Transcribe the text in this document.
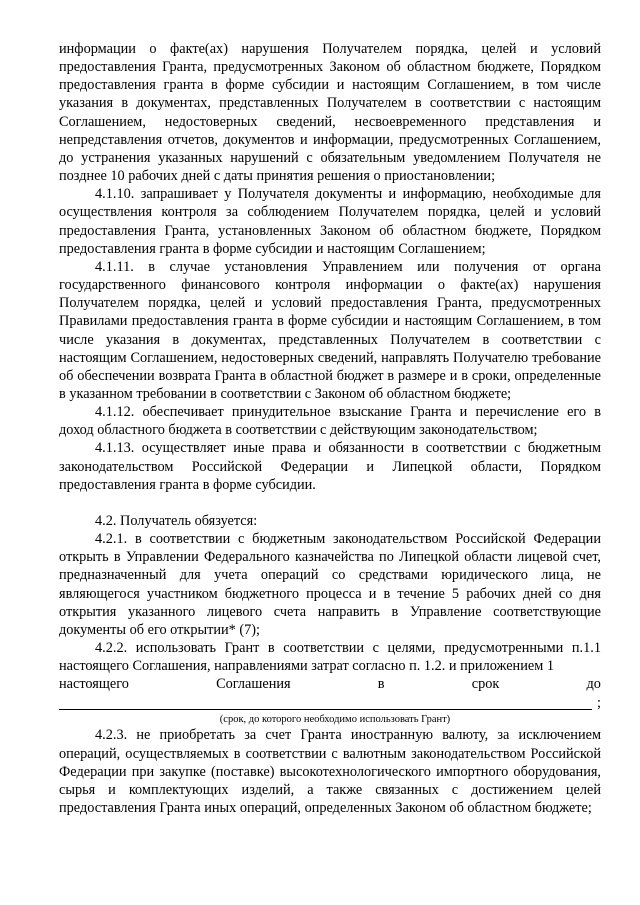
информации о факте(ах) нарушения Получателем порядка, целей и условий предоставления Гранта, предусмотренных Законом об областном бюджете, Порядком предоставления гранта в форме субсидии и настоящим Соглашением, в том числе указания в документах, представленных Получателем в соответствии с настоящим Соглашением, недостоверных сведений, несвоевременного представления и непредставления отчетов, документов и информации, предусмотренных Соглашением, до устранения указанных нарушений с обязательным уведомлением Получателя не позднее 10 рабочих дней с даты принятия решения о приостановлении;

4.1.10. запрашивает у Получателя документы и информацию, необходимые для осуществления контроля за соблюдением Получателем порядка, целей и условий предоставления Гранта, установленных Законом об областном бюджете, Порядком предоставления гранта в форме субсидии и настоящим Соглашением;

4.1.11. в случае установления Управлением или получения от органа государственного финансового контроля информации о факте(ах) нарушения Получателем порядка, целей и условий предоставления Гранта, предусмотренных Правилами предоставления гранта в форме субсидии и настоящим Соглашением, в том числе указания в документах, представленных Получателем в соответствии с настоящим Соглашением, недостоверных сведений, направлять Получателю требование об обеспечении возврата Гранта в областной бюджет в размере и в сроки, определенные в указанном требовании в соответствии с Законом об областном бюджете;

4.1.12. обеспечивает принудительное взыскание Гранта и перечисление его в доход областного бюджета в соответствии с действующим законодательством;

4.1.13. осуществляет иные права и обязанности в соответствии с бюджетным законодательством Российской Федерации и Липецкой области, Порядком предоставления гранта в форме субсидии.

4.2. Получатель обязуется:

4.2.1. в соответствии с бюджетным законодательством Российской Федерации открыть в Управлении Федерального казначейства по Липецкой области лицевой счет, предназначенный для учета операций со средствами юридического лица, не являющегося участником бюджетного процесса и в течение 5 рабочих дней со дня открытия указанного лицевого счета направить в Управление соответствующие документы об его открытии* (7);

4.2.2. использовать Грант в соответствии с целями, предусмотренными п.1.1 настоящего Соглашения, направлениями затрат согласно п. 1.2. и приложением 1

настоящего	Соглашения	в	срок	до
;

(срок, до которого необходимо использовать Грант)

4.2.3. не приобретать за счет Гранта иностранную валюту, за исключением операций, осуществляемых в соответствии с валютным законодательством Российской Федерации при закупке (поставке) высокотехнологического импортного оборудования, сырья и комплектующих изделий, а также связанных с достижением целей предоставления Гранта иных операций, определенных Законом об областном бюджете;
